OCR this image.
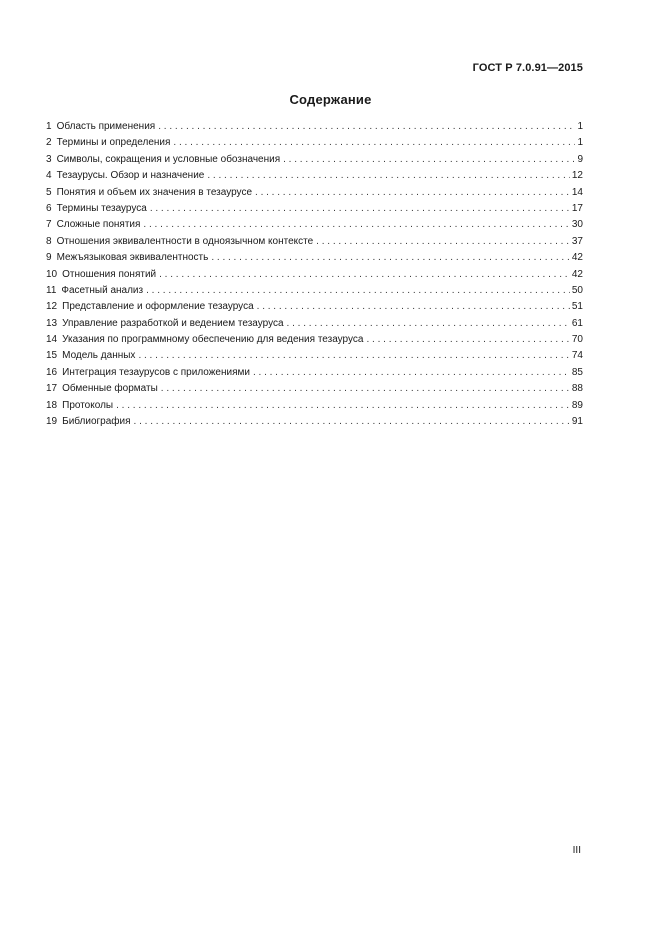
ГОСТ Р 7.0.91—2015
Содержание
1 Область применения . . .	1
2 Термины и определения . . .	1
3 Символы, сокращения и условные обозначения . . .	9
4 Тезаурусы. Обзор и назначение . . .	12
5 Понятия и объем их значения в тезаурусе . . .	14
6 Термины тезауруса . . .	17
7 Сложные понятия . . .	30
8 Отношения эквивалентности в одноязычном контексте . . .	37
9 Межъязыковая эквивалентность . . .	42
10 Отношения понятий . . .	42
11 Фасетный анализ . . .	50
12 Представление и оформление тезауруса . . .	51
13 Управление разработкой и ведением тезауруса . . .	61
14 Указания по программному обеспечению для ведения тезауруса . . .	70
15 Модель данных . . .	74
16 Интеграция тезаурусов с приложениями . . .	85
17 Обменные форматы . . .	88
18 Протоколы . . .	89
19 Библиография . . .	91
III
